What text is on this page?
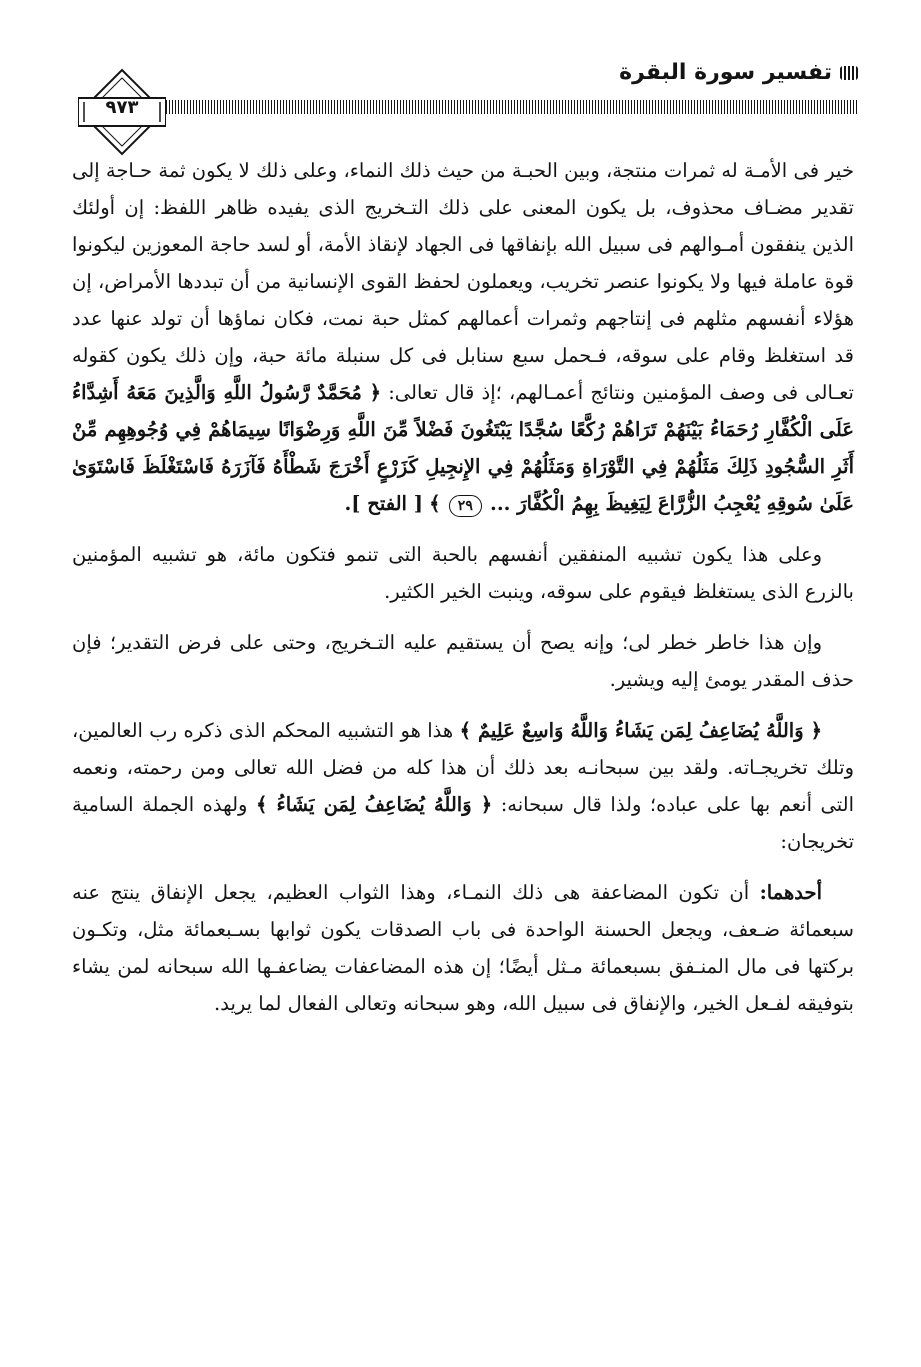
تفسير سورة البقرة
٩٧٣

خير فى الأمـة له ثمرات منتجة، وبين الحبـة من حيث ذلك النماء، وعلى ذلك لا يكون ثمة حـاجة إلى تقدير مضـاف محذوف، بل يكون المعنى على ذلك التـخريج الذى يفيده ظاهر اللفظ: إن أولئك الذين ينفقون أمـوالهم فى سبيل الله بإنفاقها فى الجهاد لإنقاذ الأمة، أو لسد حاجة المعوزين ليكونوا قوة عاملة فيها ولا يكونوا عنصر تخريب، ويعملون لحفظ القوى الإنسانية من أن تبددها الأمراض، إن هؤلاء أنفسهم مثلهم فى إنتاجهم وثمرات أعمالهم كمثل حبة نمت، فكان نماؤها أن تولد عنها عدد قد استغلظ وقام على سوقه، فـحمل سبع سنابل فى كل سنبلة مائة حبة، وإن ذلك يكون كقوله تعـالى فى وصف المؤمنين ونتائج أعمـالهم، ؛إذ قال تعالى: ﴿ مُحَمَّدٌ رَّسُولُ اللَّهِ وَالَّذِينَ مَعَهُ أَشِدَّاءُ عَلَى الْكُفَّارِ رُحَمَاءُ بَيْنَهُمْ تَرَاهُمْ رُكَّعًا سُجَّدًا يَبْتَغُونَ فَضْلاً مِّنَ اللَّهِ وَرِضْوَانًا سِيمَاهُمْ فِي وُجُوهِهِم مِّنْ أَثَرِ السُّجُودِ ذَلِكَ مَثَلُهُمْ فِي التَّوْرَاةِ وَمَثَلُهُمْ فِي الإِنجِيلِ كَزَرْعٍ أَخْرَجَ شَطْأَهُ فَآزَرَهُ فَاسْتَغْلَظَ فَاسْتَوَىٰ عَلَىٰ سُوقِهِ يُعْجِبُ الزُّرَّاعَ لِيَغِيظَ بِهِمُ الْكُفَّارَ ... ٢٩ ﴾ [ الفتح ].

وعلى هذا يكون تشبيه المنفقين أنفسهم بالحبة التى تنمو فتكون مائة، هو تشبيه المؤمنين بالزرع الذى يستغلظ فيقوم على سوقه، وينبت الخير الكثير.

وإن هذا خاطر خطر لى؛ وإنه يصح أن يستقيم عليه التـخريج، وحتى على فرض التقدير؛ فإن حذف المقدر يومئ إليه ويشير.

﴿ وَاللَّهُ يُضَاعِفُ لِمَن يَشَاءُ وَاللَّهُ وَاسِعٌ عَلِيمٌ ﴾ هذا هو التشبيه المحكم الذى ذكره رب العالمين، وتلك تخريجـاته. ولقد بين سبحانـه بعد ذلك أن هذا كله من فضل الله تعالى ومن رحمته، ونعمه التى أنعم بها على عباده؛ ولذا قال سبحانه: ﴿ وَاللَّهُ يُضَاعِفُ لِمَن يَشَاءُ ﴾ ولهذه الجملة السامية تخريجان:

أحدهما: أن تكون المضاعفة هى ذلك النمـاء، وهذا الثواب العظيم، يجعل الإنفاق ينتج عنه سبعمائة ضـعف، ويجعل الحسنة الواحدة فى باب الصدقات يكون ثوابها بسـبعمائة مثل، وتكـون بركتها فى مال المنـفق بسبعمائة مـثل أيضًا؛ إن هذه المضاعفات يضاعفـها الله سبحانه لمن يشاء بتوفيقه لفـعل الخير، والإنفاق فى سبيل الله، وهو سبحانه وتعالى الفعال لما يريد.
